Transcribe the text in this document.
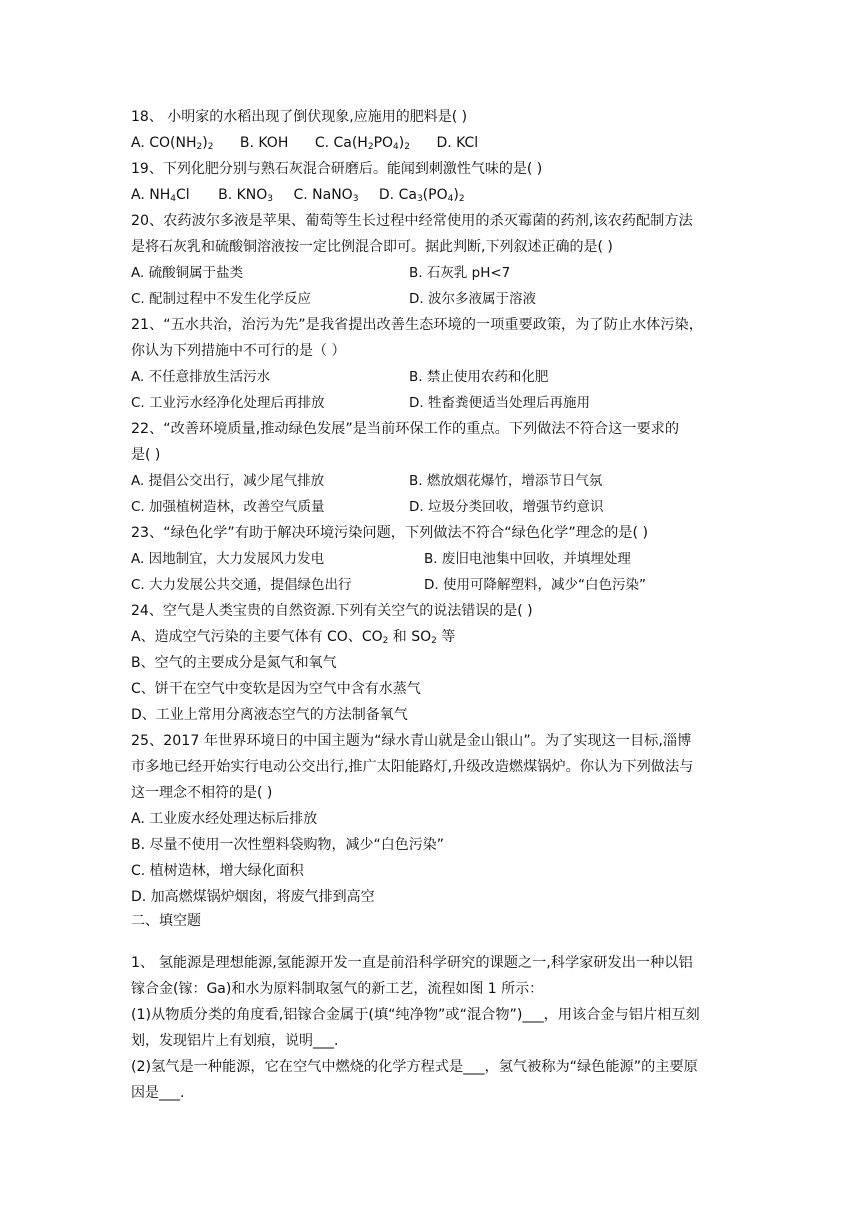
18、 小明家的水稻出现了倒伏现象,应施用的肥料是( )
A. $CO(NH_2)_2$ B. KOH C. $Ca(H_2PO_4)_2$ D. KCl
19、下列化肥分别与熟石灰混合研磨后。能闻到刺激性气味的是( )
A. $NH_4Cl$ B. $KNO_3$ C. NaNO$_3$ D. $Ca_3(PO_4)_2$
20、农药波尔多液是苹果、葡萄等生长过程中经常使用的杀灭霉菌的药剂,该农药配制方法
是将石灰乳和硫酸铜溶液按一定比例混合即可。据此判断,下列叙述正确的是( )
A. 硫酸铜属于盐类	B. 石灰乳 pH<7
C. 配制过程中不发生化学反应	D. 波尔多液属于溶液
21、“五水共治，治污为先”是我省提出改善生态环境的一项重要政策，为了防止水体污染，
你认为下列措施中不可行的是（ ）
A. 不任意排放生活污水	B. 禁止使用农药和化肥
C. 工业污水经净化处理后再排放	D. 牲畜粪便适当处理后再施用
22、“改善环境质量,推动绿色发展”是当前环保工作的重点。下列做法不符合这一要求的
是( )
A. 提倡公交出行，减少尾气排放	B. 燃放烟花爆竹，增添节日气氛
C. 加强植树造林，改善空气质量	D. 垃圾分类回收，增强节约意识
23、“绿色化学”有助于解决环境污染问题，下列做法不符合“绿色化学”理念的是( )
A. 因地制宜，大力发展风力发电	B. 废旧电池集中回收，并填埋处理
C. 大力发展公共交通，提倡绿色出行	D. 使用可降解塑料，减少“白色污染”
24、空气是人类宝贵的自然资源.下列有关空气的说法错误的是( )
A、造成空气污染的主要气体有 CO、$CO_2$ 和 $SO_2$ 等
B、空气的主要成分是氮气和氧气
C、饼干在空气中变软是因为空气中含有水蒸气
D、工业上常用分离液态空气的方法制备氧气
25、2017 年世界环境日的中国主题为“绿水青山就是金山银山”。为了实现这一目标,淄博
市多地已经开始实行电动公交出行,推广太阳能路灯,升级改造燃煤锅炉。你认为下列做法与
这一理念不相符的是( )
A. 工业废水经处理达标后排放
B. 尽量不使用一次性塑料袋购物，减少“白色污染”
C. 植树造林，增大绿化面积
D. 加高燃煤锅炉烟囱，将废气排到高空
二、填空题
1、 氢能源是理想能源,氢能源开发一直是前沿科学研究的课题之一,科学家研发出一种以铝
镓合金(镓：Ga)和水为原料制取氢气的新工艺，流程如图 1 所示：
(1)从物质分类的角度看,铝镓合金属于(填“纯净物”或“混合物”)___，用该合金与铝片相互刻
划，发现铝片上有划痕，说明___.
(2)氢气是一种能源，它在空气中燃烧的化学方程式是___，氢气被称为“绿色能源”的主要原
因是___.
